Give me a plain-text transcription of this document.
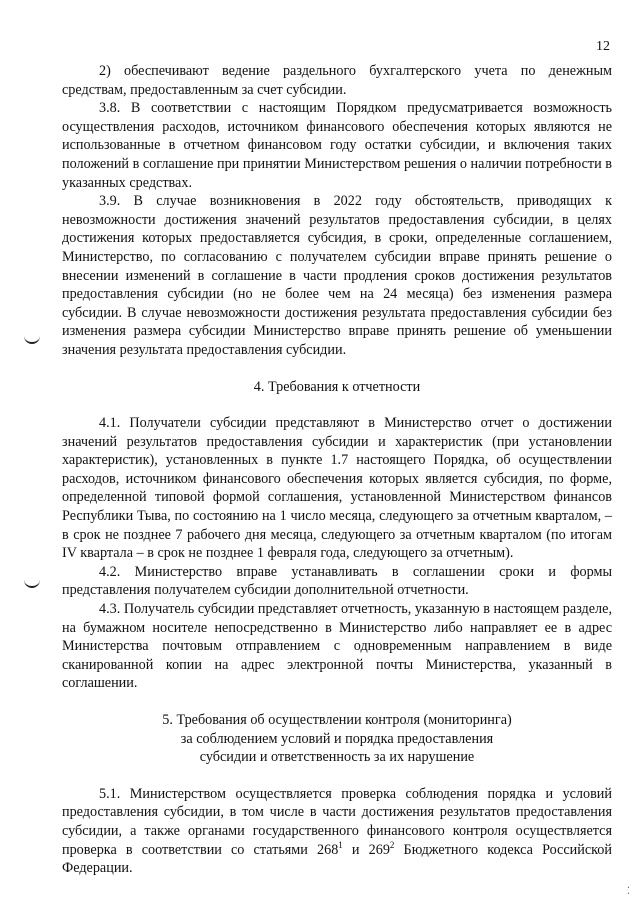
12

2) обеспечивают ведение раздельного бухгалтерского учета по денежным средствам, предоставленным за счет субсидии.

3.8. В соответствии с настоящим Порядком предусматривается возможность осуществления расходов, источником финансового обеспечения которых являются не использованные в отчетном финансовом году остатки субсидии, и включения таких положений в соглашение при принятии Министерством решения о наличии потребности в указанных средствах.

3.9. В случае возникновения в 2022 году обстоятельств, приводящих к невозможности достижения значений результатов предоставления субсидии, в целях достижения которых предоставляется субсидия, в сроки, определенные соглашением, Министерство, по согласованию с получателем субсидии вправе принять решение о внесении изменений в соглашение в части продления сроков достижения результатов предоставления субсидии (но не более чем на 24 месяца) без изменения размера субсидии. В случае невозможности достижения результата предоставления субсидии без изменения размера субсидии Министерство вправе принять решение об уменьшении значения результата предоставления субсидии.

4. Требования к отчетности

4.1. Получатели субсидии представляют в Министерство отчет о достижении значений результатов предоставления субсидии и характеристик (при установлении характеристик), установленных в пункте 1.7 настоящего Порядка, об осуществлении расходов, источником финансового обеспечения которых является субсидия, по форме, определенной типовой формой соглашения, установленной Министерством финансов Республики Тыва, по состоянию на 1 число месяца, следующего за отчетным кварталом, – в срок не позднее 7 рабочего дня месяца, следующего за отчетным кварталом (по итогам IV квартала – в срок не позднее 1 февраля года, следующего за отчетным).

4.2. Министерство вправе устанавливать в соглашении сроки и формы представления получателем субсидии дополнительной отчетности.

4.3. Получатель субсидии представляет отчетность, указанную в настоящем разделе, на бумажном носителе непосредственно в Министерство либо направляет ее в адрес Министерства почтовым отправлением с одновременным направлением в виде сканированной копии на адрес электронной почты Министерства, указанный в соглашении.

5. Требования об осуществлении контроля (мониторинга)

за соблюдением условий и порядка предоставления

субсидии и ответственность за их нарушение

5.1. Министерством осуществляется проверка соблюдения порядка и условий предоставления субсидии, в том числе в части достижения результатов предоставления субсидии, а также органами государственного финансового контроля осуществляется проверка в соответствии со статьями $268^1$ и $269^2$ Бюджетного кодекса Российской Федерации.

⁚
